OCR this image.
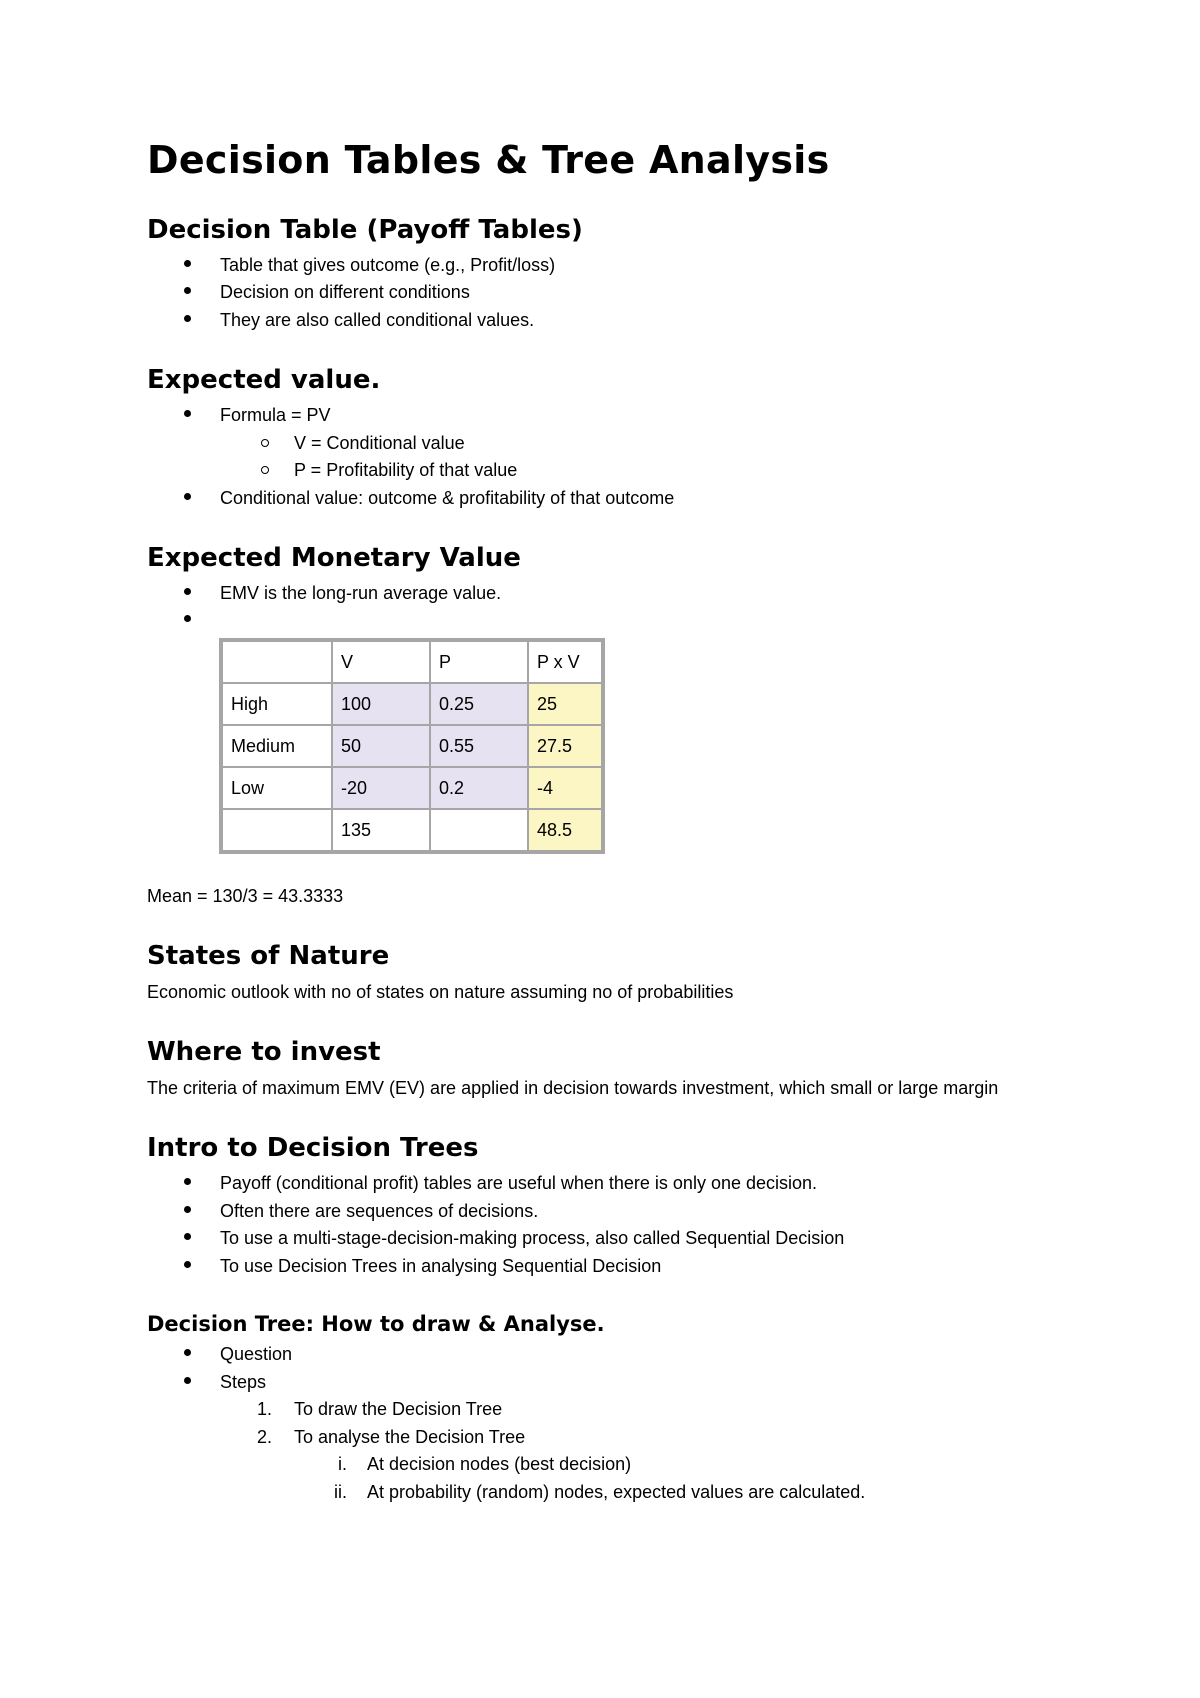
Decision Tables & Tree Analysis
Decision Table (Payoff Tables)
Table that gives outcome (e.g., Profit/loss)
Decision on different conditions
They are also called conditional values.
Expected value.
Formula = PV
V = Conditional value
P = Profitability of that value
Conditional value: outcome & profitability of that outcome
Expected Monetary Value
EMV is the long-run average value.
	V	P	P x V
High	100	0.25	25
Medium	50	0.55	27.5
Low	-20	0.2	-4
	135		48.5

Mean = 130/3 = 43.3333

States of Nature

Economic outlook with no of states on nature assuming no of probabilities

Where to invest

The criteria of maximum EMV (EV) are applied in decision towards investment, which small or large margin

Intro to Decision Trees
Payoff (conditional profit) tables are useful when there is only one decision.
Often there are sequences of decisions.
To use a multi-stage-decision-making process, also called Sequential Decision
To use Decision Trees in analysing Sequential Decision
Decision Tree: How to draw & Analyse.
Question
Steps
1.	To draw the Decision Tree
2.	To analyse the Decision Tree
i.	At decision nodes (best decision)
ii.	At probability (random) nodes, expected values are calculated.
